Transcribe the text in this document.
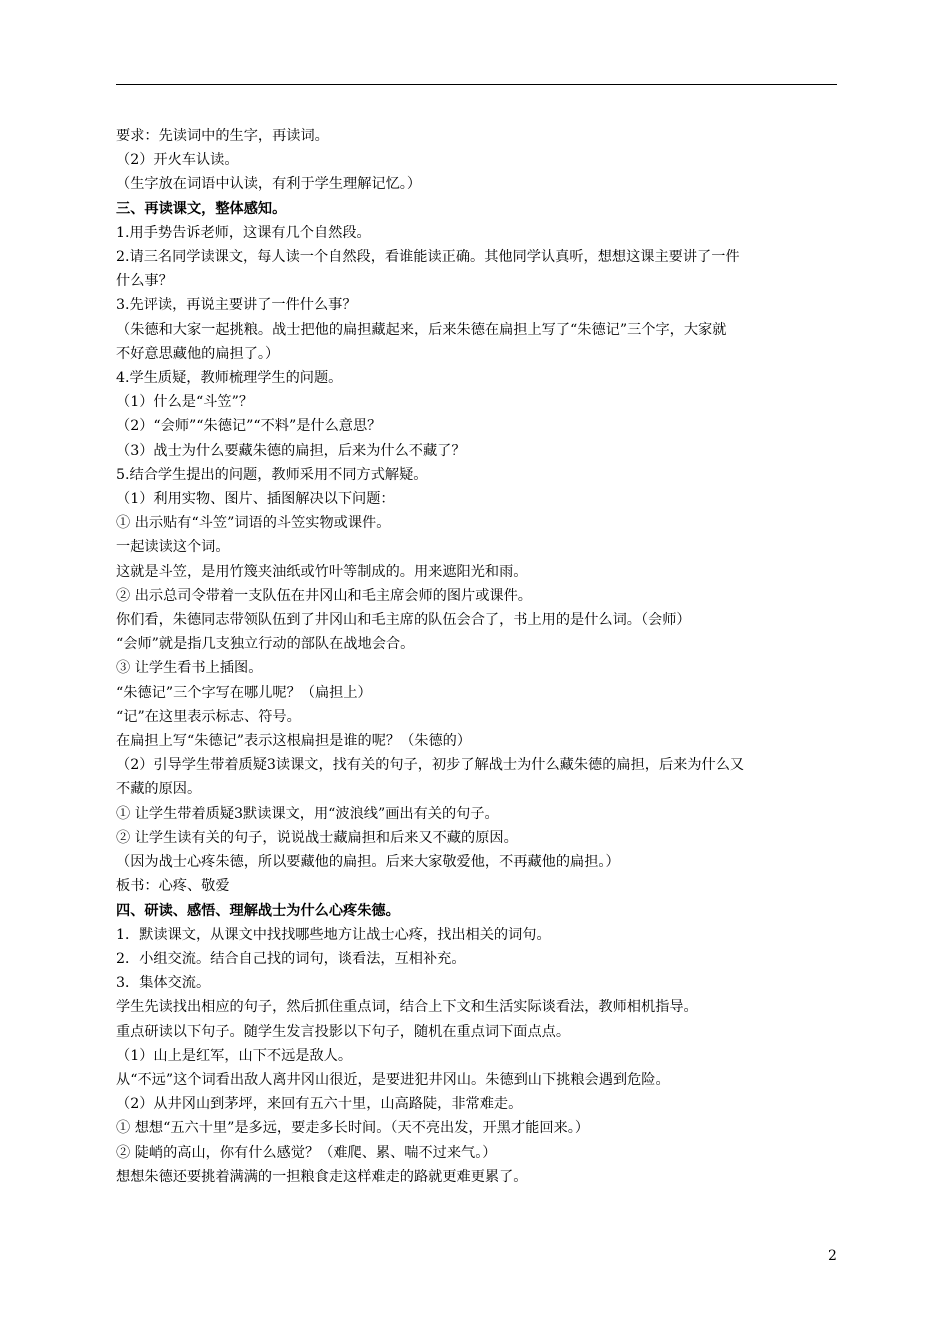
要求：先读词中的生字，再读词。
（2）开火车认读。
（生字放在词语中认读，有利于学生理解记忆。）
三、再读课文，整体感知。
1.用手势告诉老师，这课有几个自然段。
2.请三名同学读课文，每人读一个自然段，看谁能读正确。其他同学认真听，想想这课主要讲了一件
什么事？
3.先评读，再说主要讲了一件什么事？
（朱德和大家一起挑粮。战士把他的扁担藏起来，后来朱德在扁担上写了“朱德记”三个字，大家就
不好意思藏他的扁担了。）
4.学生质疑，教师梳理学生的问题。
（1）什么是“斗笠”？
（2）“会师”“朱德记”“不料”是什么意思？
（3）战士为什么要藏朱德的扁担，后来为什么不藏了？
5.结合学生提出的问题，教师采用不同方式解疑。
（1）利用实物、图片、插图解决以下问题：
① 出示贴有“斗笠”词语的斗笠实物或课件。
一起读读这个词。
这就是斗笠，是用竹篾夹油纸或竹叶等制成的。用来遮阳光和雨。
② 出示总司令带着一支队伍在井冈山和毛主席会师的图片或课件。
你们看，朱德同志带领队伍到了井冈山和毛主席的队伍会合了，书上用的是什么词。（会师）
“会师”就是指几支独立行动的部队在战地会合。
③ 让学生看书上插图。
“朱德记”三个字写在哪儿呢？（扁担上）
“记”在这里表示标志、符号。
在扁担上写“朱德记”表示这根扁担是谁的呢？（朱德的）
（2）引导学生带着质疑3读课文，找有关的句子，初步了解战士为什么藏朱德的扁担，后来为什么又
不藏的原因。
① 让学生带着质疑3默读课文，用“波浪线”画出有关的句子。
② 让学生读有关的句子，说说战士藏扁担和后来又不藏的原因。
（因为战士心疼朱德，所以要藏他的扁担。后来大家敬爱他，不再藏他的扁担。）
板书：心疼、敬爱
四、研读、感悟、理解战士为什么心疼朱德。
1．默读课文，从课文中找找哪些地方让战士心疼，找出相关的词句。
2．小组交流。结合自己找的词句，谈看法，互相补充。
3．集体交流。
学生先读找出相应的句子，然后抓住重点词，结合上下文和生活实际谈看法，教师相机指导。
重点研读以下句子。随学生发言投影以下句子，随机在重点词下面点点。
（1）山上是红军，山下不远是敌人。
从“不远”这个词看出敌人离井冈山很近，是要进犯井冈山。朱德到山下挑粮会遇到危险。
（2）从井冈山到茅坪，来回有五六十里，山高路陡，非常难走。
① 想想“五六十里”是多远，要走多长时间。（天不亮出发，开黑才能回来。）
② 陡峭的高山，你有什么感觉？（难爬、累、喘不过来气。）
想想朱德还要挑着满满的一担粮食走这样难走的路就更难更累了。
2
